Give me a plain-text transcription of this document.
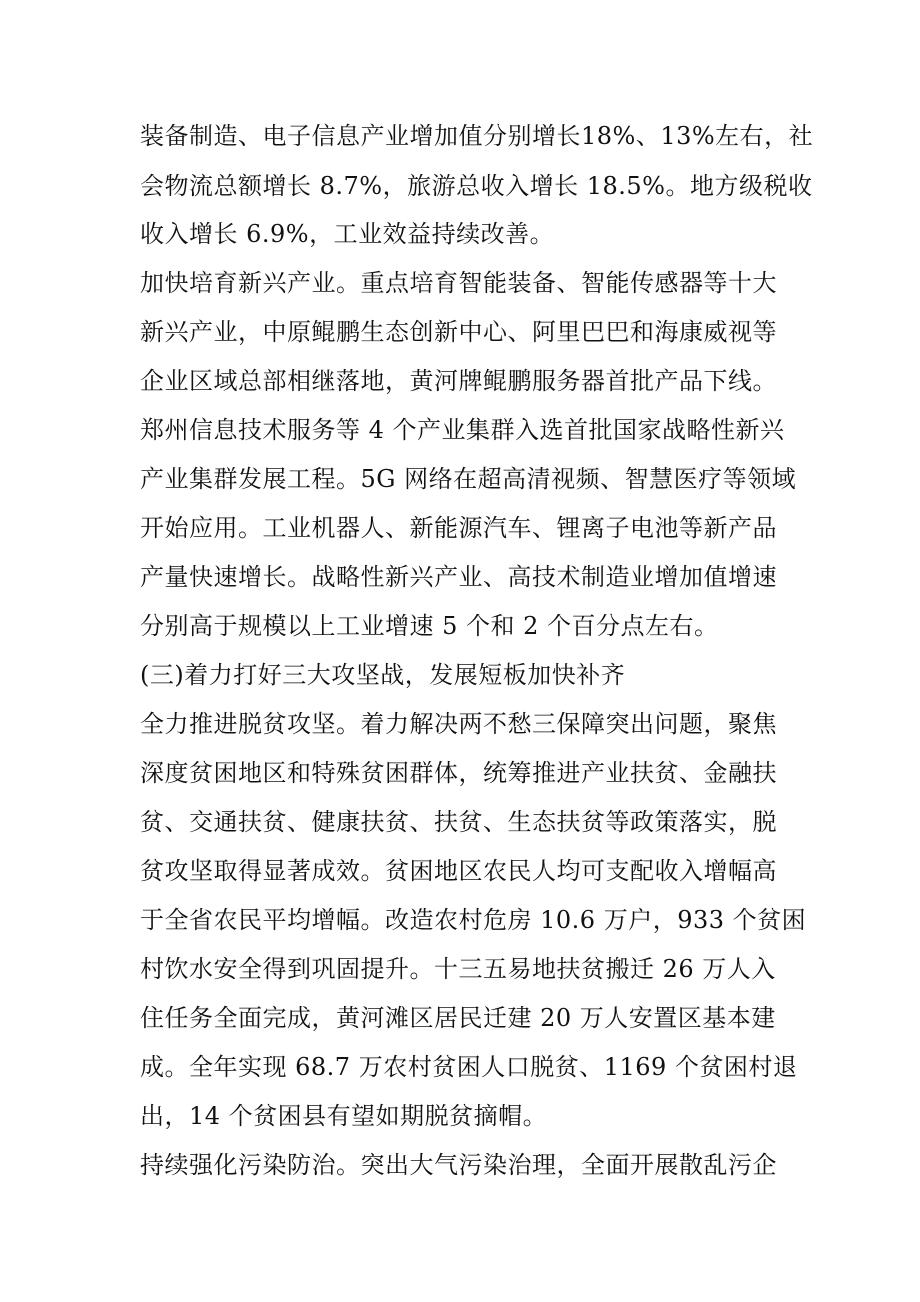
装备制造、电子信息产业增加值分别增长18%、13%左右，社
会物流总额增长 8.7%，旅游总收入增长 18.5%。地方级税收
收入增长 6.9%，工业效益持续改善。
加快培育新兴产业。重点培育智能装备、智能传感器等十大
新兴产业，中原鲲鹏生态创新中心、阿里巴巴和海康威视等
企业区域总部相继落地，黄河牌鲲鹏服务器首批产品下线。
郑州信息技术服务等 4 个产业集群入选首批国家战略性新兴
产业集群发展工程。5G 网络在超高清视频、智慧医疗等领域
开始应用。工业机器人、新能源汽车、锂离子电池等新产品
产量快速增长。战略性新兴产业、高技术制造业增加值增速
分别高于规模以上工业增速 5 个和 2 个百分点左右。
(三)着力打好三大攻坚战，发展短板加快补齐
全力推进脱贫攻坚。着力解决两不愁三保障突出问题，聚焦
深度贫困地区和特殊贫困群体，统筹推进产业扶贫、金融扶
贫、交通扶贫、健康扶贫、扶贫、生态扶贫等政策落实，脱
贫攻坚取得显著成效。贫困地区农民人均可支配收入增幅高
于全省农民平均增幅。改造农村危房 10.6 万户，933 个贫困
村饮水安全得到巩固提升。十三五易地扶贫搬迁 26 万人入
住任务全面完成，黄河滩区居民迁建 20 万人安置区基本建
成。全年实现 68.7 万农村贫困人口脱贫、1169 个贫困村退
出，14 个贫困县有望如期脱贫摘帽。
持续强化污染防治。突出大气污染治理，全面开展散乱污企
